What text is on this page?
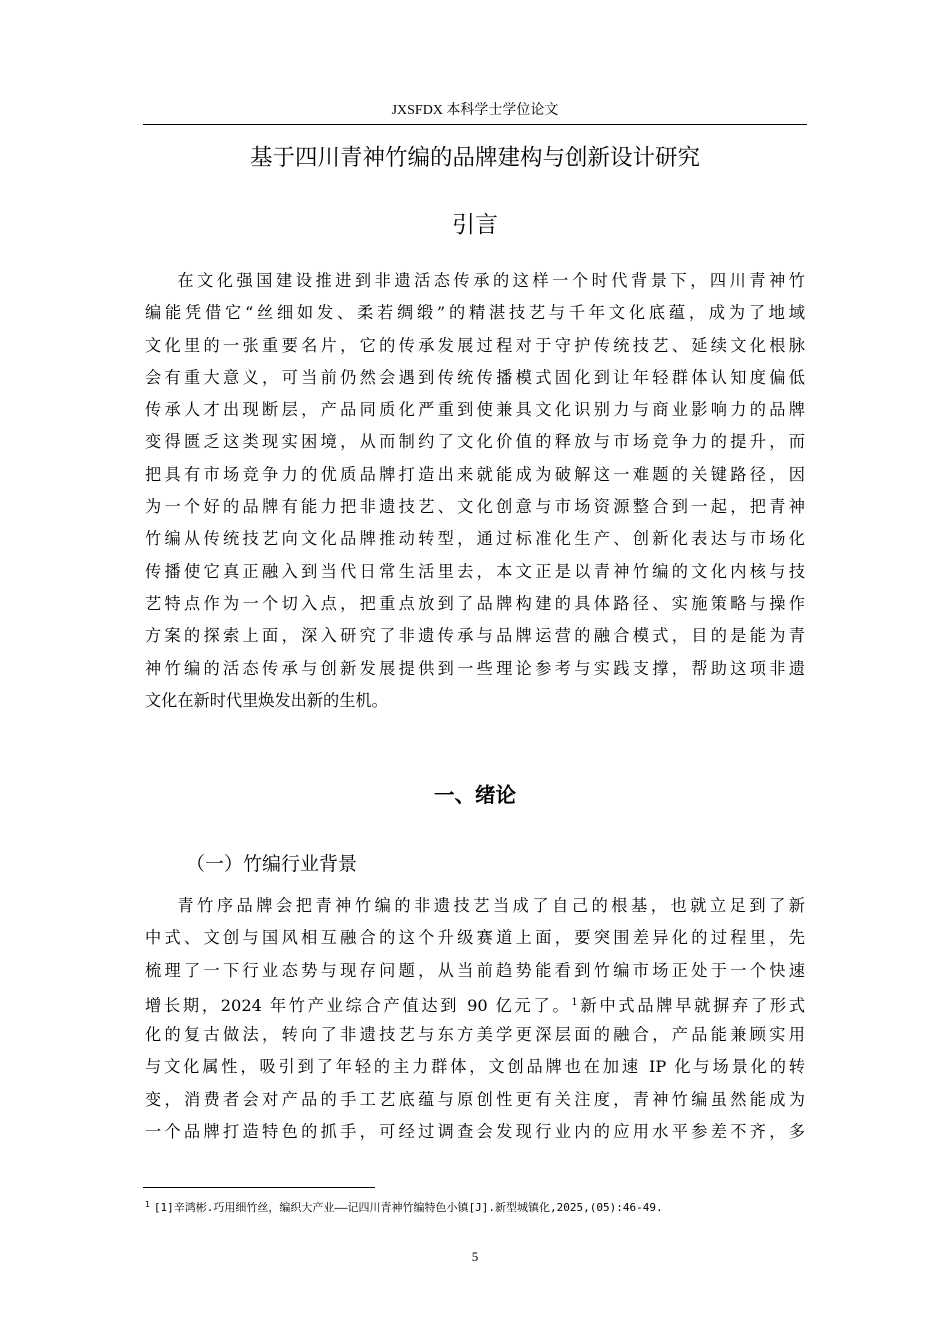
JXSFDX 本科学士学位论文
基于四川青神竹编的品牌建构与创新设计研究
引言
在文化强国建设推进到非遗活态传承的这样一个时代背景下，四川青神竹
编能凭借它“丝细如发、柔若绸缎”的精湛技艺与千年文化底蕴，成为了地域
文化里的一张重要名片，它的传承发展过程对于守护传统技艺、延续文化根脉
会有重大意义，可当前仍然会遇到传统传播模式固化到让年轻群体认知度偏低
传承人才出现断层，产品同质化严重到使兼具文化识别力与商业影响力的品牌
变得匮乏这类现实困境，从而制约了文化价值的释放与市场竞争力的提升，而
把具有市场竞争力的优质品牌打造出来就能成为破解这一难题的关键路径，因
为一个好的品牌有能力把非遗技艺、文化创意与市场资源整合到一起，把青神
竹编从传统技艺向文化品牌推动转型，通过标准化生产、创新化表达与市场化
传播使它真正融入到当代日常生活里去，本文正是以青神竹编的文化内核与技
艺特点作为一个切入点，把重点放到了品牌构建的具体路径、实施策略与操作
方案的探索上面，深入研究了非遗传承与品牌运营的融合模式，目的是能为青
神竹编的活态传承与创新发展提供到一些理论参考与实践支撑，帮助这项非遗
文化在新时代里焕发出新的生机。
一、绪论
（一）竹编行业背景
青竹序品牌会把青神竹编的非遗技艺当成了自己的根基，也就立足到了新
中式、文创与国风相互融合的这个升级赛道上面，要突围差异化的过程里，先
梳理了一下行业态势与现存问题，从当前趋势能看到竹编市场正处于一个快速
增长期，2024 年竹产业综合产值达到 90 亿元了。$^1$新中式品牌早就摒弃了形式
化的复古做法，转向了非遗技艺与东方美学更深层面的融合，产品能兼顾实用
与文化属性，吸引到了年轻的主力群体，文创品牌也在加速 IP 化与场景化的转
变，消费者会对产品的手工艺底蕴与原创性更有关注度，青神竹编虽然能成为
一个品牌打造特色的抓手，可经过调查会发现行业内的应用水平参差不齐，多
$^1$ [1]辛鸿彬.巧用细竹丝，编织大产业——记四川青神竹编特色小镇[J].新型城镇化,2025,(05):46-49.
5
